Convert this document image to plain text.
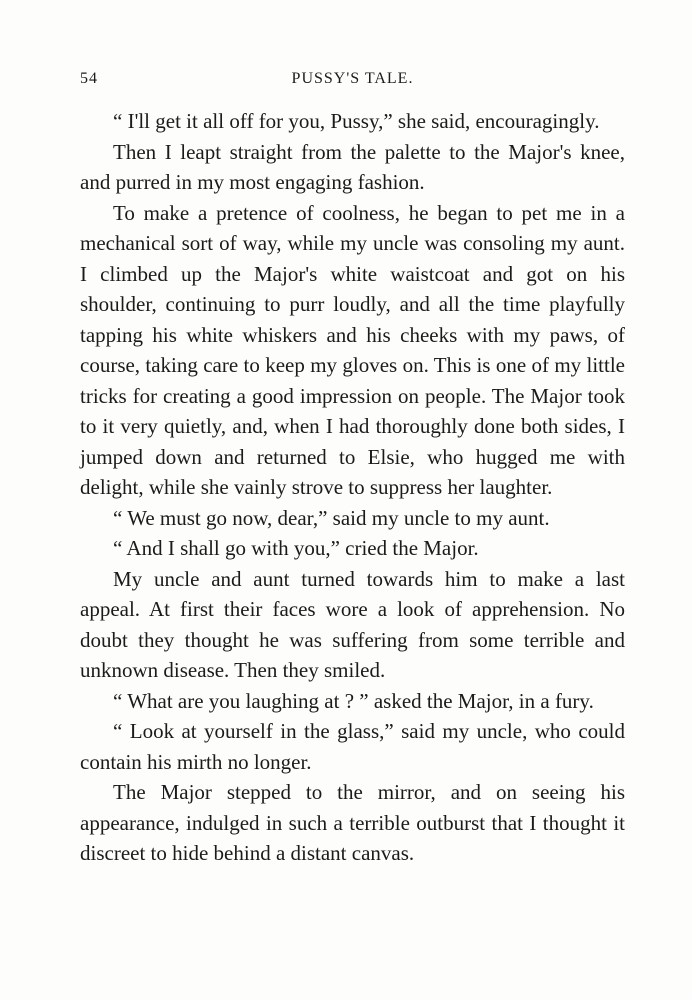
54	PUSSY'S TALE.

“ I'll get it all off for you, Pussy,” she said, encouragingly.

Then I leapt straight from the palette to the Major's knee, and purred in my most engaging fashion.

To make a pretence of coolness, he began to pet me in a mechanical sort of way, while my uncle was consoling my aunt. I climbed up the Major's white waistcoat and got on his shoulder, continuing to purr loudly, and all the time playfully tapping his white whiskers and his cheeks with my paws, of course, taking care to keep my gloves on. This is one of my little tricks for creating a good impression on people. The Major took to it very quietly, and, when I had thoroughly done both sides, I jumped down and returned to Elsie, who hugged me with delight, while she vainly strove to suppress her laughter.

“ We must go now, dear,” said my uncle to my aunt.

“ And I shall go with you,” cried the Major.

My uncle and aunt turned towards him to make a last appeal. At first their faces wore a look of apprehension. No doubt they thought he was suffering from some terrible and unknown disease. Then they smiled.

“ What are you laughing at ? ” asked the Major, in a fury.

“ Look at yourself in the glass,” said my uncle, who could contain his mirth no longer.

The Major stepped to the mirror, and on seeing his appearance, indulged in such a terrible outburst that I thought it discreet to hide behind a distant canvas.
